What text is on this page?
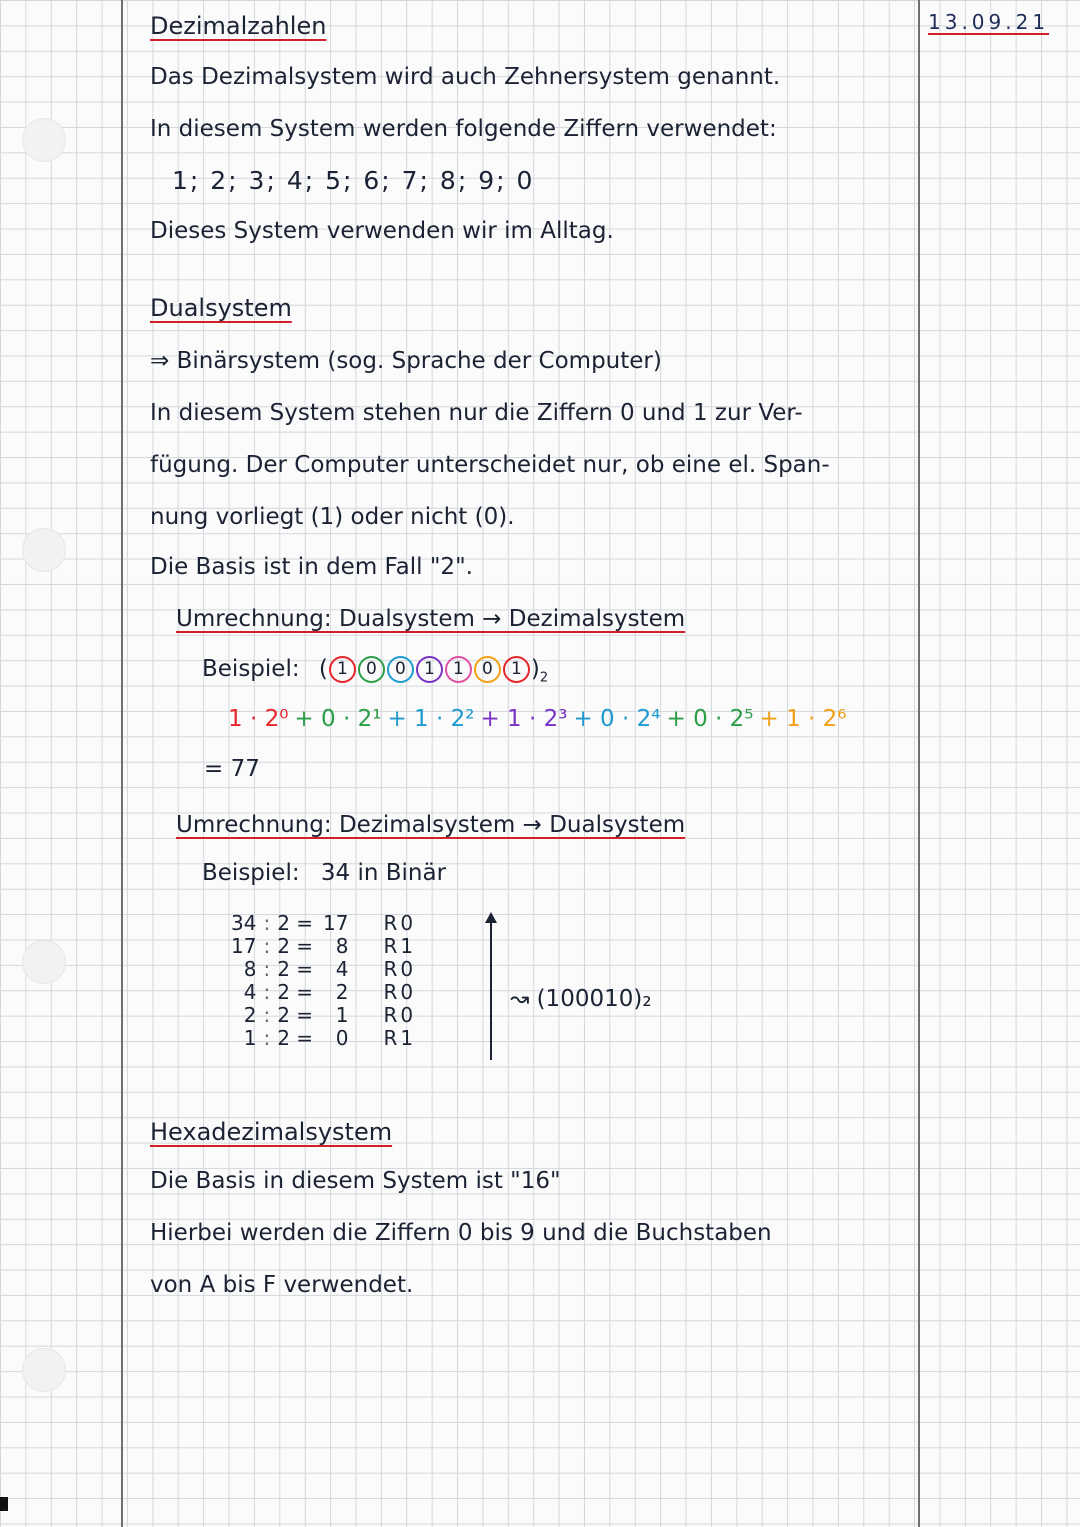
13.09.21
Dezimalzahlen
Das Dezimalsystem wird auch Zehnersystem genannt.
In diesem System werden folgende Ziffern verwendet:
1; 2; 3; 4; 5; 6; 7; 8; 9; 0
Dieses System verwenden wir im Alltag.
Dualsystem
⇒ Binärsystem (sog. Sprache der Computer)
In diesem System stehen nur die Ziffern 0 und 1 zur Ver-
fügung. Der Computer unterscheidet nur, ob eine el. Span-
nung vorliegt (1) oder nicht (0).
Die Basis ist in dem Fall "2".
Umrechnung: Dualsystem → Dezimalsystem
Beispiel: ( 1 0 0 1 1 0 1 )$_2$
1 · 2⁰ + 0 · 2¹ + 1 · 2² + 1 · 2³ + 0 · 2⁴ + 0 · 2⁵ + 1 · 2⁶
= 77
Umrechnung: Dezimalsystem → Dualsystem
Beispiel: 34 in Binär
34	:	2 =	17	R0
17	:	2 =	8	R1
8	:	2 =	4	R0
4	:	2 =	2	R0
2	:	2 =	1	R0
1	:	2 =	0	R1
↝ (100010)₂
Hexadezimalsystem
Die Basis in diesem System ist "16"
Hierbei werden die Ziffern 0 bis 9 und die Buchstaben
von A bis F verwendet.
